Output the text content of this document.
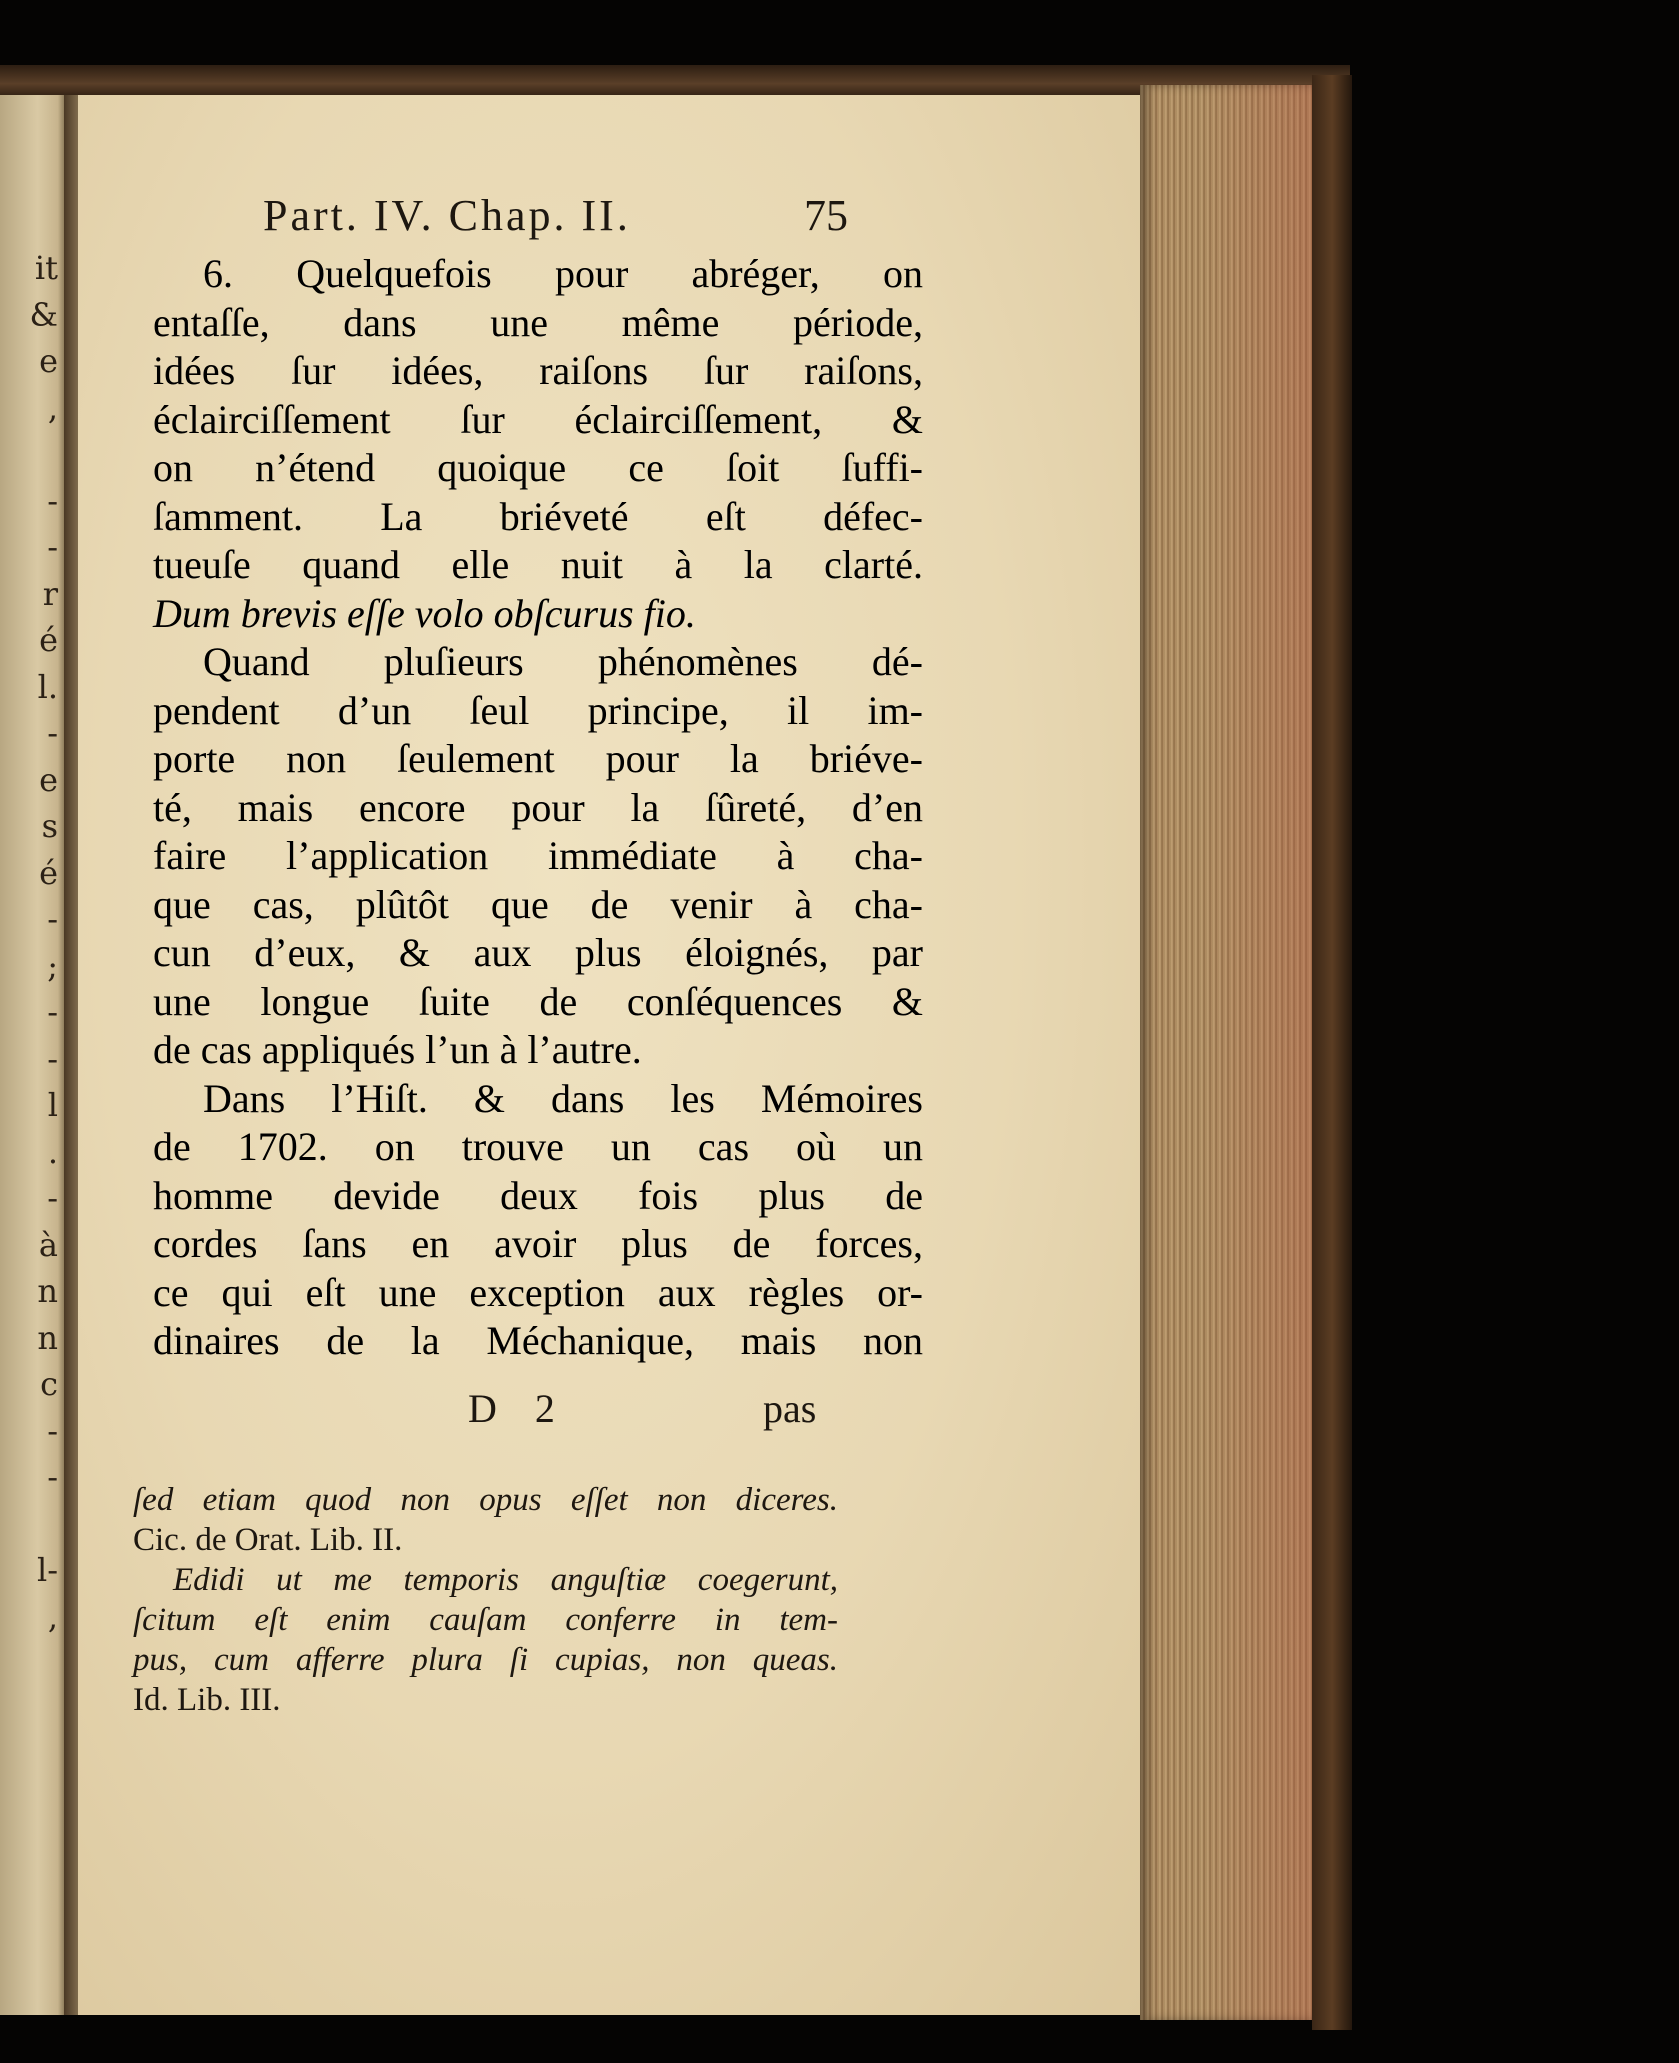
it
&
e
,
-
-
r
é
l.
-
e
s
é
-
;
-
-
l
.
-
à
n
n
c
-
-
l-
,
Part. IV. Chap. II.	75
6. Quelquefois pour abréger, on
entaſſe, dans une même période,
idées ſur idées, raiſons ſur raiſons,
éclairciſſement ſur éclairciſſement, &
on n’étend quoique ce ſoit ſuffi-
ſamment. La briéveté eſt défec-
tueuſe quand elle nuit à la clarté.
Dum brevis eſſe volo obſcurus fio.
Quand pluſieurs phénomènes dé-
pendent d’un ſeul principe, il im-
porte non ſeulement pour la briéve-
té, mais encore pour la ſûreté, d’en
faire l’application immédiate à cha-
que cas, plûtôt que de venir à cha-
cun d’eux, & aux plus éloignés, par
une longue ſuite de conſéquences &
de cas appliqués l’un à l’autre.
Dans l’Hiſt. & dans les Mémoires
de 1702. on trouve un cas où un
homme devide deux fois plus de
cordes ſans en avoir plus de forces,
ce qui eſt une exception aux règles or-
dinaires de la Méchanique, mais non
D 2	pas
ſed etiam quod non opus eſſet non diceres.
Cic. de Orat. Lib. II.
Edidi ut me temporis anguſtiæ coegerunt,
ſcitum eſt enim cauſam conferre in tem-
pus, cum afferre plura ſi cupias, non queas.
Id. Lib. III.
